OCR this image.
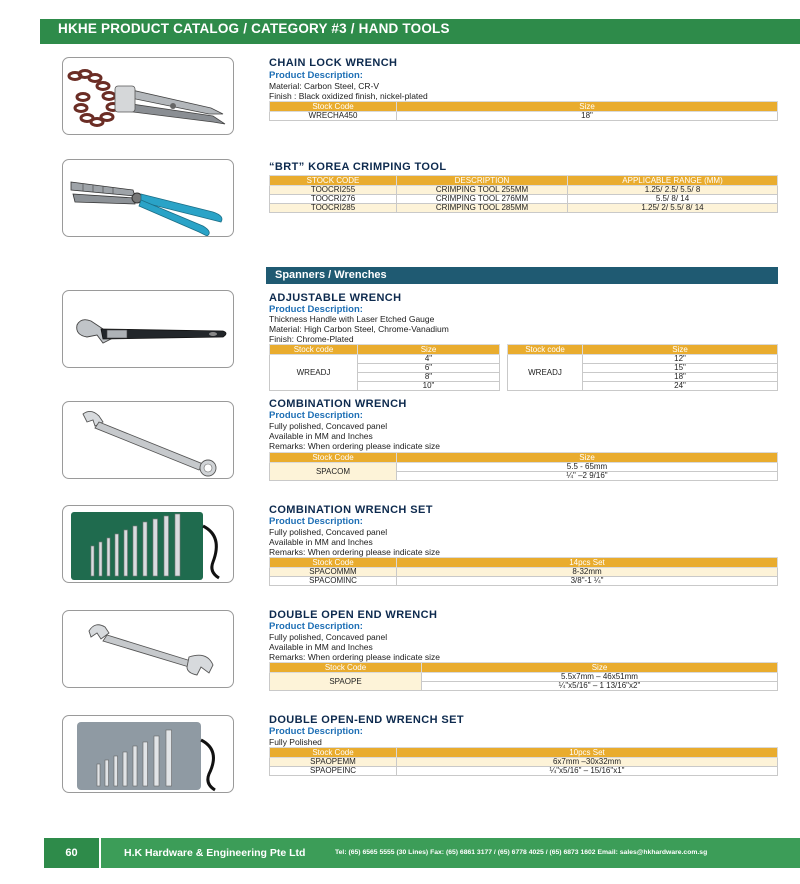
HKHE PRODUCT CATALOG / CATEGORY #3 / HAND TOOLS
CHAIN LOCK WRENCH
Product Description:
Material: Carbon Steel, CR-V
Finish : Black oxidized finish, nickel-plated
Stock Code	Size
WRECHA450	18"
“BRT” KOREA CRIMPING TOOL
STOCK CODE	DESCRIPTION	APPLICABLE RANGE (MM)
TOOCRI255	CRIMPING TOOL 255MM	1.25/ 2.5/ 5.5/ 8
TOOCRI276	CRIMPING TOOL 276MM	5.5/ 8/ 14
TOOCRI285	CRIMPING TOOL 285MM	1.25/ 2/ 5.5/ 8/ 14
Spanners / Wrenches
ADJUSTABLE WRENCH
Product Description:
Thickness Handle with Laser Etched Gauge
Material: High Carbon Steel, Chrome-Vanadium
Finish: Chrome-Plated
Stock code	Size
WREADJ	4"
	6"
	8"
	10"
Stock code	Size
WREADJ	12"
	15"
	18"
	24"
COMBINATION WRENCH
Product Description:
Fully polished, Concaved panel
Available in MM and Inches
Remarks: When ordering please indicate size
Stock Code	Size
SPACOM	5.5 - 65mm
	¼" –2 9/16"
COMBINATION WRENCH SET
Product Description:
Fully polished, Concaved panel
Available in MM and Inches
Remarks: When ordering please indicate size
Stock Code	14pcs Set
SPACOMMM	8-32mm
SPACOMINC	3/8"-1 ¼"
DOUBLE OPEN END WRENCH
Product Description:
Fully polished, Concaved panel
Available in MM and Inches
Remarks: When ordering please indicate size
Stock Code	Size
SPAOPE	5.5x7mm – 46x51mm
	¼"x5/16" – 1 13/16"x2"
DOUBLE OPEN-END WRENCH SET
Product Description:
Fully Polished
Stock Code	10pcs Set
SPAOPEMM	6x7mm –30x32mm
SPAOPEINC	¼"x5/16" – 15/16"x1"
60	H.K Hardware & Engineering Pte Ltd	Tel: (65) 6565 5555 (30 Lines) Fax: (65) 6861 3177 / (65) 6778 4025 / (65) 6873 1602 Email: sales@hkhardware.com.sg
